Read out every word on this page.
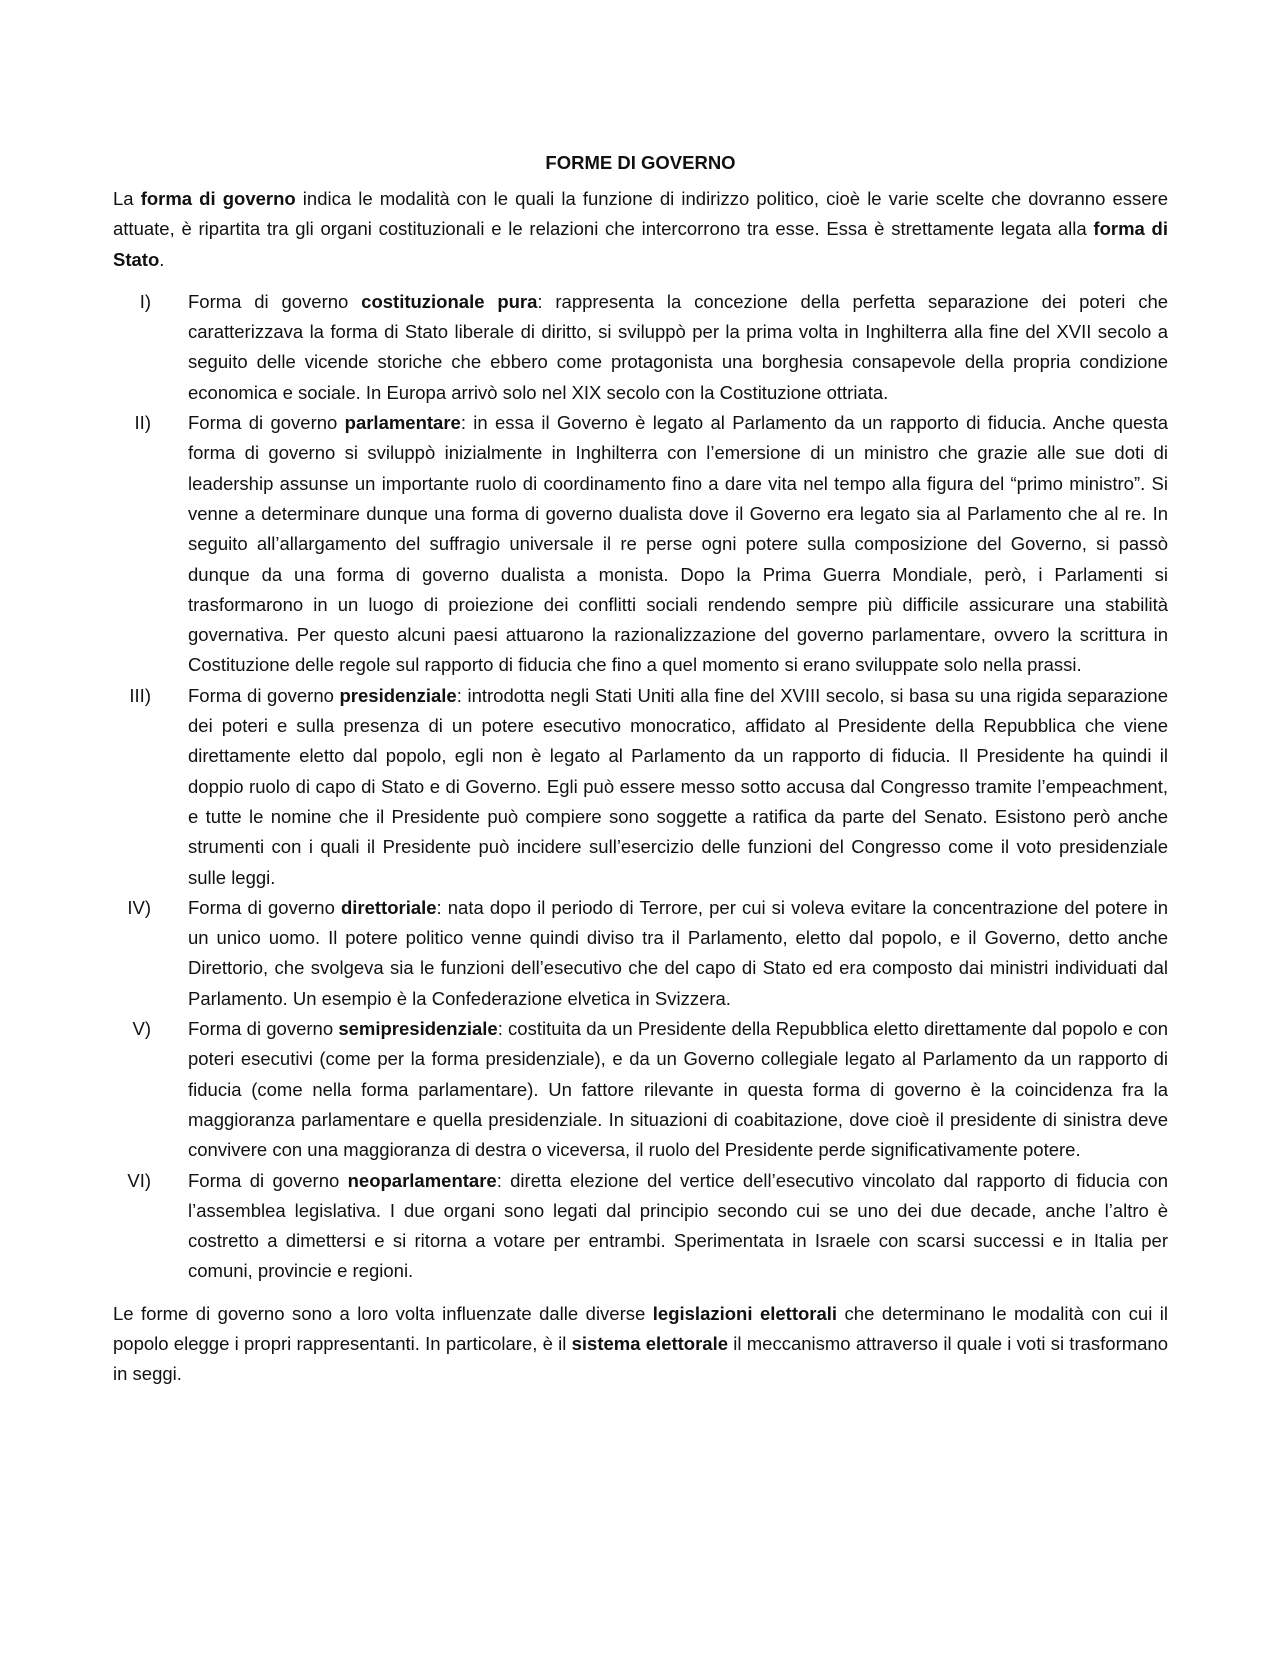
FORME DI GOVERNO

La forma di governo indica le modalità con le quali la funzione di indirizzo politico, cioè le varie scelte che dovranno essere attuate, è ripartita tra gli organi costituzionali e le relazioni che intercorrono tra esse. Essa è strettamente legata alla forma di Stato.

I) Forma di governo costituzionale pura: rappresenta la concezione della perfetta separazione dei poteri che caratterizzava la forma di Stato liberale di diritto, si sviluppò per la prima volta in Inghilterra alla fine del XVII secolo a seguito delle vicende storiche che ebbero come protagonista una borghesia consapevole della propria condizione economica e sociale. In Europa arrivò solo nel XIX secolo con la Costituzione ottriata.

II) Forma di governo parlamentare: in essa il Governo è legato al Parlamento da un rapporto di fiducia. Anche questa forma di governo si sviluppò inizialmente in Inghilterra con l’emersione di un ministro che grazie alle sue doti di leadership assunse un importante ruolo di coordinamento fino a dare vita nel tempo alla figura del “primo ministro”. Si venne a determinare dunque una forma di governo dualista dove il Governo era legato sia al Parlamento che al re. In seguito all’allargamento del suffragio universale il re perse ogni potere sulla composizione del Governo, si passò dunque da una forma di governo dualista a monista. Dopo la Prima Guerra Mondiale, però, i Parlamenti si trasformarono in un luogo di proiezione dei conflitti sociali rendendo sempre più difficile assicurare una stabilità governativa. Per questo alcuni paesi attuarono la razionalizzazione del governo parlamentare, ovvero la scrittura in Costituzione delle regole sul rapporto di fiducia che fino a quel momento si erano sviluppate solo nella prassi.

III) Forma di governo presidenziale: introdotta negli Stati Uniti alla fine del XVIII secolo, si basa su una rigida separazione dei poteri e sulla presenza di un potere esecutivo monocratico, affidato al Presidente della Repubblica che viene direttamente eletto dal popolo, egli non è legato al Parlamento da un rapporto di fiducia. Il Presidente ha quindi il doppio ruolo di capo di Stato e di Governo. Egli può essere messo sotto accusa dal Congresso tramite l’empeachment, e tutte le nomine che il Presidente può compiere sono soggette a ratifica da parte del Senato. Esistono però anche strumenti con i quali il Presidente può incidere sull’esercizio delle funzioni del Congresso come il voto presidenziale sulle leggi.

IV) Forma di governo direttoriale: nata dopo il periodo di Terrore, per cui si voleva evitare la concentrazione del potere in un unico uomo. Il potere politico venne quindi diviso tra il Parlamento, eletto dal popolo, e il Governo, detto anche Direttorio, che svolgeva sia le funzioni dell’esecutivo che del capo di Stato ed era composto dai ministri individuati dal Parlamento. Un esempio è la Confederazione elvetica in Svizzera.

V) Forma di governo semipresidenziale: costituita da un Presidente della Repubblica eletto direttamente dal popolo e con poteri esecutivi (come per la forma presidenziale), e da un Governo collegiale legato al Parlamento da un rapporto di fiducia (come nella forma parlamentare). Un fattore rilevante in questa forma di governo è la coincidenza fra la maggioranza parlamentare e quella presidenziale. In situazioni di coabitazione, dove cioè il presidente di sinistra deve convivere con una maggioranza di destra o viceversa, il ruolo del Presidente perde significativamente potere.

VI) Forma di governo neoparlamentare: diretta elezione del vertice dell’esecutivo vincolato dal rapporto di fiducia con l’assemblea legislativa. I due organi sono legati dal principio secondo cui se uno dei due decade, anche l’altro è costretto a dimettersi e si ritorna a votare per entrambi. Sperimentata in Israele con scarsi successi e in Italia per comuni, provincie e regioni.

Le forme di governo sono a loro volta influenzate dalle diverse legislazioni elettorali che determinano le modalità con cui il popolo elegge i propri rappresentanti. In particolare, è il sistema elettorale il meccanismo attraverso il quale i voti si trasformano in seggi.
